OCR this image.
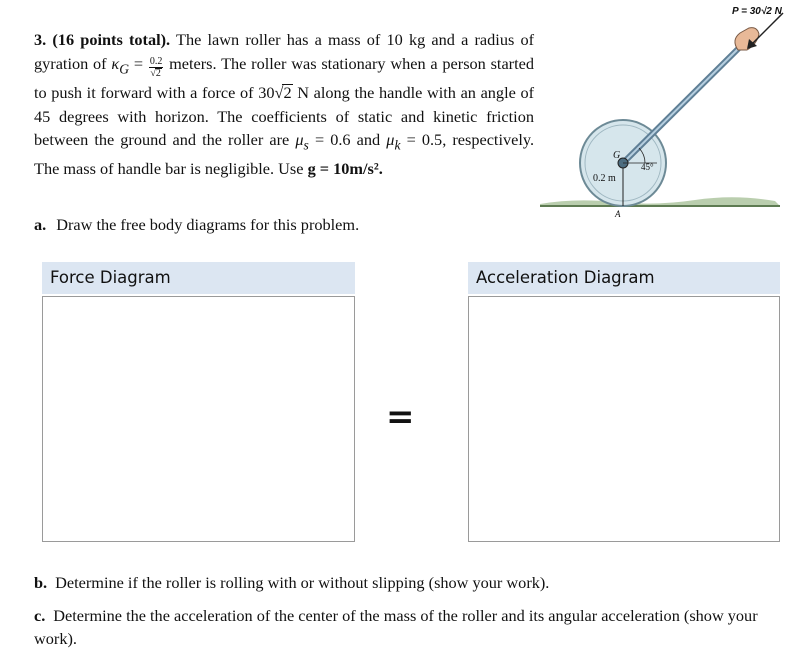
3. (16 points total). The lawn roller has a mass of 10 kg and a radius of gyration of $\kappa_G = \frac{0.2}{√2}$ meters. The roller was stationary when a person started to push it forward with a force of 30√2 N along the handle with an angle of 45 degrees with horizon. The coefficients of static and kinetic friction between the ground and the roller are $\mu_s = 0.6$ and $\mu_k = 0.5$, respectively. The mass of handle bar is negligible. Use g = 10m/s².
G
45°
0.2 m
A
P = 30√2 N
a. Draw the free body diagrams for this problem.
Force Diagram
=
Acceleration Diagram
b. Determine if the roller is rolling with or without slipping (show your work).
c. Determine the the acceleration of the center of the mass of the roller and its angular acceleration (show your work).
